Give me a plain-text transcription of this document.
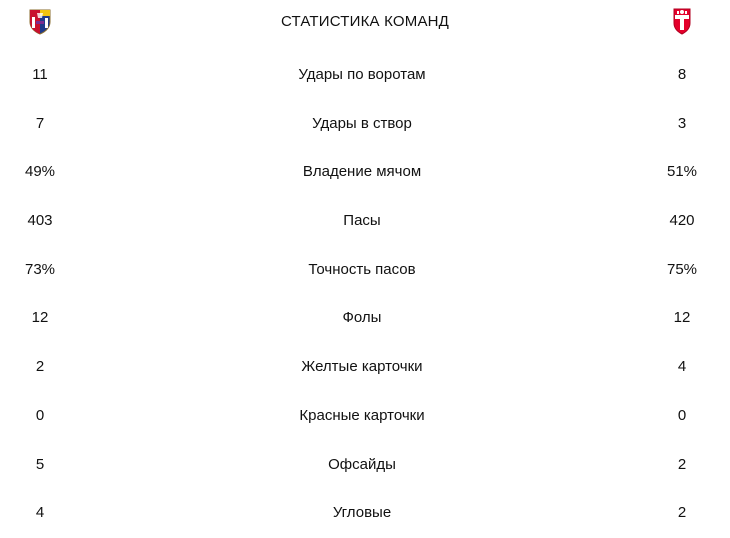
СТАТИСТИКА КОМАНД
11	Удары по воротам	8
7	Удары в створ	3
49%	Владение мячом	51%
403	Пасы	420
73%	Точность пасов	75%
12	Фолы	12
2	Желтые карточки	4
0	Красные карточки	0
5	Офсайды	2
4	Угловые	2
